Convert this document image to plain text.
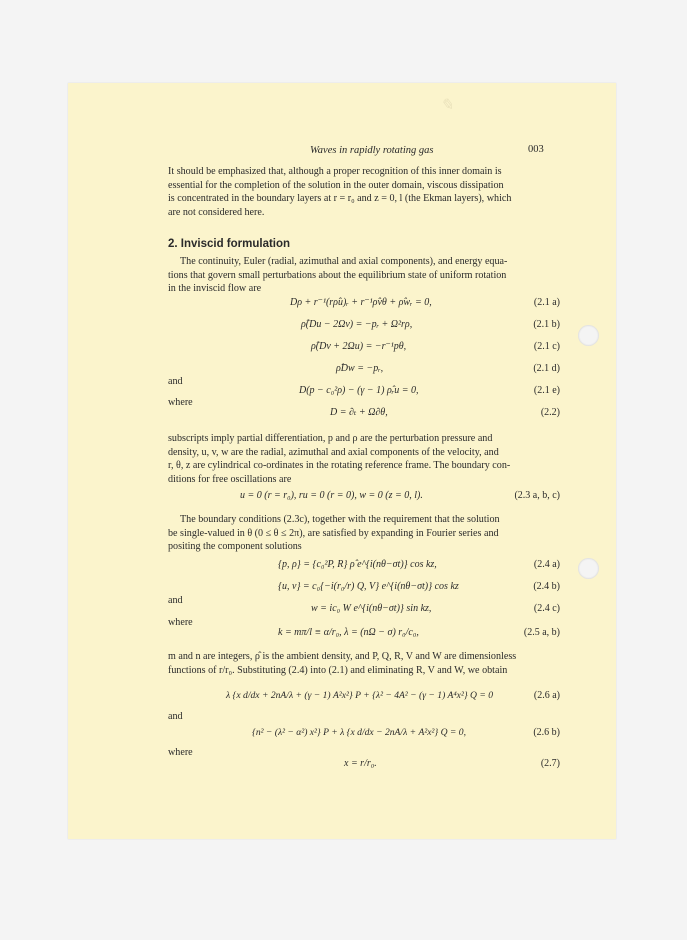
✎
Waves in rapidly rotating gas	003
It should be emphasized that, although a proper recognition of this inner domain is
essential for the completion of the solution in the outer domain, viscous dissipation
is concentrated in the boundary layers at r = r₀ and z = 0, l (the Ekman layers), which
are not considered here.
2. Inviscid formulation
The continuity, Euler (radial, azimuthal and axial components), and energy equa-
tions that govern small perturbations about the equilibrium state of uniform rotation
in the inviscid flow are
Dρ + r⁻¹(rρ̂u)ᵣ + r⁻¹ρ̂vθ + ρ̂wᵣ = 0,	(2.1 a)
ρ̂(Du − 2Ωv) = −pᵣ + Ω²rρ,	(2.1 b)
ρ̂(Dv + 2Ωu) = −r⁻¹pθ,	(2.1 c)
ρ̂Dw = −pᵣ,	(2.1 d)
and
D(p − c₀²ρ) − (γ − 1) ρ̂ᵣu = 0,	(2.1 e)
where
D = ∂ₜ + Ω∂θ,	(2.2)
subscripts imply partial differentiation, p and ρ are the perturbation pressure and
density, u, v, w are the radial, azimuthal and axial components of the velocity, and
r, θ, z are cylindrical co-ordinates in the rotating reference frame. The boundary con-
ditions for free oscillations are
u = 0 (r = r₀), ru = 0 (r = 0), w = 0 (z = 0, l).	(2.3 a, b, c)
The boundary conditions (2.3c), together with the requirement that the solution
be single-valued in θ (0 ≤ θ ≤ 2π), are satisfied by expanding in Fourier series and
positing the component solutions
{p, ρ} = {c₀²P, R} ρ̂ e^{i(nθ−σt)} cos kz,	(2.4 a)
{u, v} = c₀{−i(r₀/r) Q, V} e^{i(nθ−σt)} cos kz	(2.4 b)
and
w = ic₀ W e^{i(nθ−σt)} sin kz,	(2.4 c)
where
k = mπ/l ≡ α/r₀, λ = (nΩ − σ) r₀/c₀,	(2.5 a, b)
m and n are integers, ρ̂ is the ambient density, and P, Q, R, V and W are dimensionless
functions of r/r₀. Substituting (2.4) into (2.1) and eliminating R, V and W, we obtain
λ {x d/dx + 2nA/λ + (γ − 1) A²x²} P + {λ² − 4A² − (γ − 1) A⁴x²} Q = 0	(2.6 a)
and
{n² − (λ² − α²) x²} P + λ {x d/dx − 2nA/λ + A²x²} Q = 0,	(2.6 b)
where
x = r/r₀.	(2.7)
